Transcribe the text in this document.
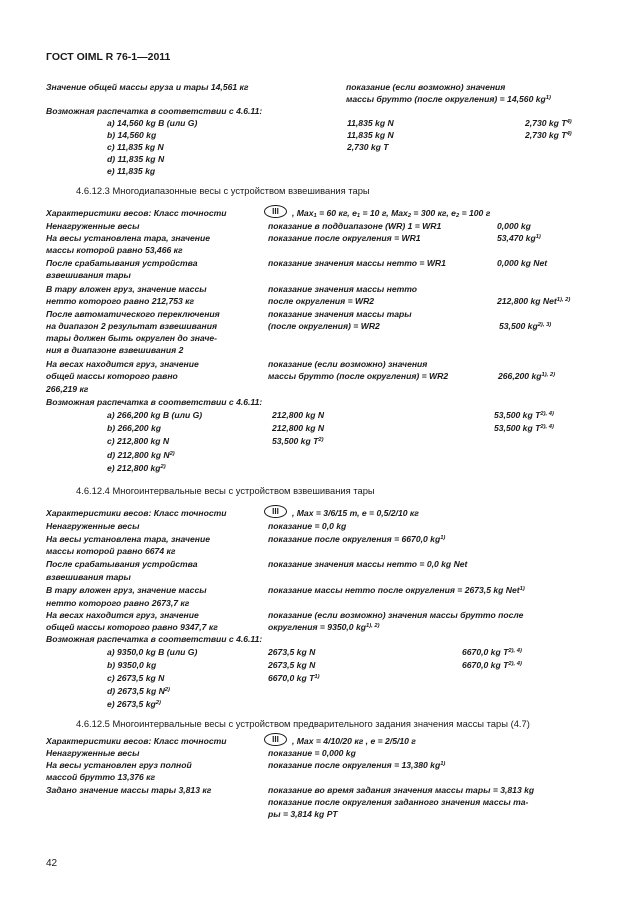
ГОСТ OIML R 76-1—2011
Значение общей массы груза и тары 14,561 кг	показание (если возможно) значения
массы брутто (после округления) = 14,560 $kg^{1)}$
Возможная распечатка в соответствии с 4.6.11:
a) 14,560 kg B (или G)	11,835 kg N	2,730 kg $T^{4)}$
b) 14,560 kg	11,835 kg N	2,730 kg $T^{4)}$
c) 11,835 kg N	2,730 kg T
d) 11,835 kg N
e) 11,835 kg
4.6.12.3 Многодиапазонные весы с устройством взвешивания тары
Характеристики весов: Класс точности	III	, Max$_1$ = 60 кг, $e_1 = 10$ г, Max$_2$ = 300 кг, $e_2 = 100$ г
Ненагруженные весы	показание в поддиапазоне (WR) 1 = WR1	0,000 kg
На весы установлена тара, значение
массы которой равно 53,466 кг
показание после округления = WR1	53,470 $kg^{1)}$
После срабатывания устройства
взвешивания тары
показание значения массы нетто = WR1	0,000 kg Net
В тару вложен груз, значение массы
нетто которого равно 212,753 кг
показание значения массы нетто
после округления = WR2	212,800 kg Net$^{1), 2)}$
После автоматического переключения
на диапазон 2 результат взвешивания
тары должен быть округлен до значе-
ния в диапазоне взвешивания 2
показание значения массы тары
(после округления) = WR2	53,500 $kg^{2), 3)}$
На весах находится груз, значение
общей массы которого равно
266,219 кг
показание (если возможно) значения
массы брутто (после округления) = WR2	266,200 $kg^{1), 2)}$
Возможная распечатка в соответствии с 4.6.11:
a) 266,200 kg B (или G)	212,800 kg N	53,500 kg $T^{2), 4)}$
b) 266,200 kg	212,800 kg N	53,500 kg $T^{2), 4)}$
c) 212,800 kg N	53,500 kg $T^{2)}$
d) 212,800 kg $N^{2)}$
e) 212,800 $kg^{2)}$
4.6.12.4 Многоинтервальные весы с устройством взвешивания тары
Характеристики весов: Класс точности	III	, Max = 3/6/15 т, e = 0,5/2/10 кг
Ненагруженные весы	показание = 0,0 kg
На весы установлена тара, значение
массы которой равно 6674 кг
показание после округления = 6670,0 $kg^{1)}$
После срабатывания устройства
взвешивания тары
показание значения массы нетто = 0,0 kg Net
В тару вложен груз, значение массы
нетто которого равно 2673,7 кг
показание массы нетто после округления = 2673,5 kg Net$^{1)}$
На весах находится груз, значение
общей массы которого равно 9347,7 кг
показание (если возможно) значения массы брутто после
округления = 9350,0 $kg^{1), 2)}$
Возможная распечатка в соответствии с 4.6.11:
a) 9350,0 kg B (или G)	2673,5 kg N	6670,0 kg $T^{2), 4)}$
b) 9350,0 kg	2673,5 kg N	6670,0 kg $T^{2), 4)}$
c) 2673,5 kg N	6670,0 kg $T^{1)}$
d) 2673,5 kg $N^{2)}$
e) 2673,5 $kg^{2)}$
4.6.12.5 Многоинтервальные весы с устройством предварительного задания значения массы тары (4.7)
Характеристики весов: Класс точности	III	, Max = 4/10/20 кг , e = 2/5/10 г
Ненагруженные весы	показание = 0,000 kg
На весы установлен груз полной
массой брутто 13,376 кг
показание после округления = 13,380 $kg^{1)}$
Задано значение массы тары 3,813 кг	показание во время задания значения массы тары = 3,813 kg
показание после округления заданного значения массы та-
ры = 3,814 kg PT
42
